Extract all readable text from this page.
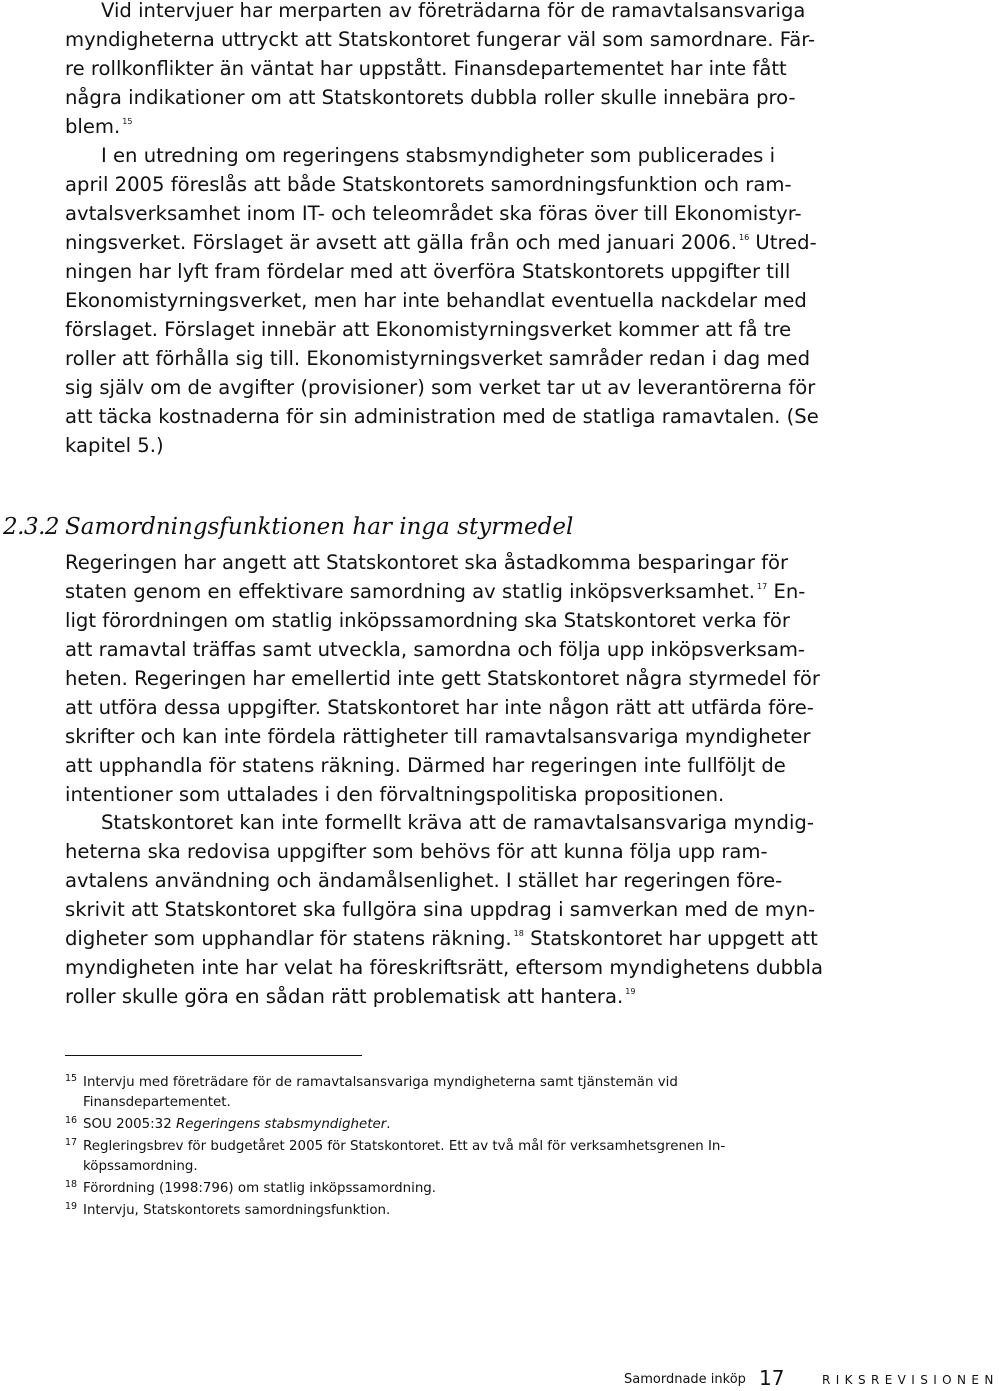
Vid intervjuer har merparten av företrädarna för de ramavtalsansvariga
myndigheterna uttryckt att Statskontoret fungerar väl som samordnare. Fär-
re rollkonflikter än väntat har uppstått. Finansdepartementet har inte fått
några indikationer om att Statskontorets dubbla roller skulle innebära pro-
blem. $^{15}$
I en utredning om regeringens stabsmyndigheter som publicerades i
april 2005 föreslås att både Statskontorets samordningsfunktion och ram-
avtalsverksamhet inom IT- och teleområdet ska föras över till Ekonomistyr-
ningsverket. Förslaget är avsett att gälla från och med januari 2006. $^{16}$ Utred-
ningen har lyft fram fördelar med att överföra Statskontorets uppgifter till
Ekonomistyrningsverket, men har inte behandlat eventuella nackdelar med
förslaget. Förslaget innebär att Ekonomistyrningsverket kommer att få tre
roller att förhålla sig till. Ekonomistyrningsverket samråder redan i dag med
sig själv om de avgifter (provisioner) som verket tar ut av leverantörerna för
att täcka kostnaderna för sin administration med de statliga ramavtalen. (Se
kapitel 5.)
2.3.2 Samordningsfunktionen har inga styrmedel
Regeringen har angett att Statskontoret ska åstadkomma besparingar för
staten genom en effektivare samordning av statlig inköpsverksamhet. $^{17}$ En-
ligt förordningen om statlig inköpssamordning ska Statskontoret verka för
att ramavtal träffas samt utveckla, samordna och följa upp inköpsverksam-
heten. Regeringen har emellertid inte gett Statskontoret några styrmedel för
att utföra dessa uppgifter. Statskontoret har inte någon rätt att utfärda före-
skrifter och kan inte fördela rättigheter till ramavtalsansvariga myndigheter
att upphandla för statens räkning. Därmed har regeringen inte fullföljt de
intentioner som uttalades i den förvaltningspolitiska propositionen.
Statskontoret kan inte formellt kräva att de ramavtalsansvariga myndig-
heterna ska redovisa uppgifter som behövs för att kunna följa upp ram-
avtalens användning och ändamålsenlighet. I stället har regeringen före-
skrivit att Statskontoret ska fullgöra sina uppdrag i samverkan med de myn-
digheter som upphandlar för statens räkning. $^{18}$ Statskontoret har uppgett att
myndigheten inte har velat ha föreskriftsrätt, eftersom myndighetens dubbla
roller skulle göra en sådan rätt problematisk att hantera. $^{19}$
15 Intervju med företrädare för de ramavtalsansvariga myndigheterna samt tjänstemän vid
Finansdepartementet.
16 SOU 2005:32 Regeringens stabsmyndigheter.
17 Regleringsbrev för budgetåret 2005 för Statskontoret. Ett av två mål för verksamhetsgrenen In-
köpssamordning.
18 Förordning (1998:796) om statlig inköpssamordning.
19 Intervju, Statskontorets samordningsfunktion.
Samordnade inköp 17	RIKSREVISIONEN
